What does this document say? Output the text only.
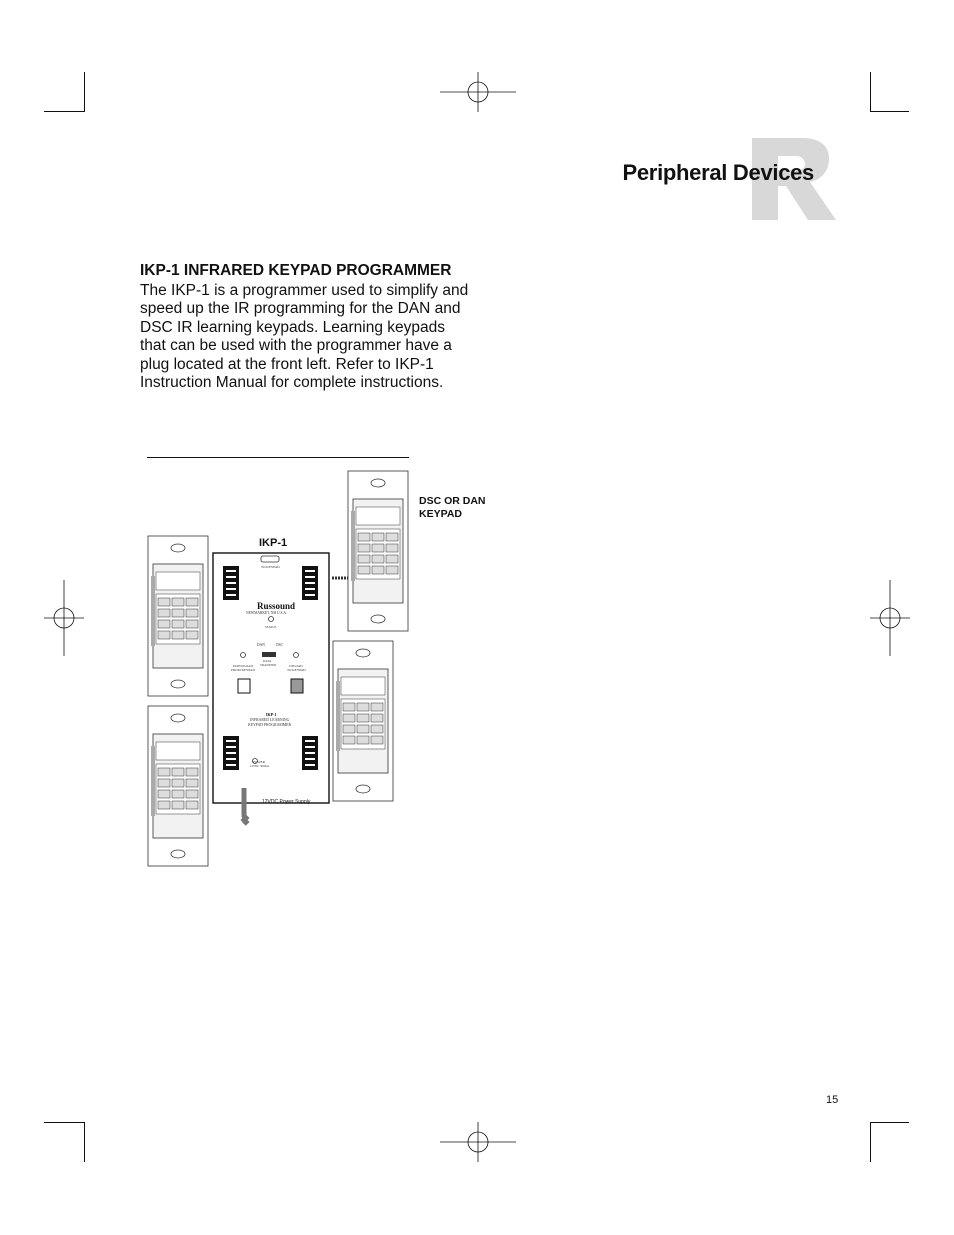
Peripheral Devices
IKP-1 INFRARED KEYPAD PROGRAMMER

The IKP-1 is a programmer used to simplify and speed up the IR programming for the DAN and DSC IR learning keypads. Learning keypads that can be used with the programmer have a plug located at the front left. Refer to IKP-1 Instruction Manual for complete instructions.

Russound
NEWMARKET, NH U.S.A.
STATUS
DAN	DSC
DOWNLOAD
FROM KEYPAD
DATA
TRANSFER	UPLOAD
TO KEYPAD
TO KEYPAD
IKP-1
INFRARED LEARNING
KEYPAD PROGRAMMER
POWER
12VDC 500mA
12VDC Power Supply
DSC OR DAN
KEYPAD
IKP-1
15
